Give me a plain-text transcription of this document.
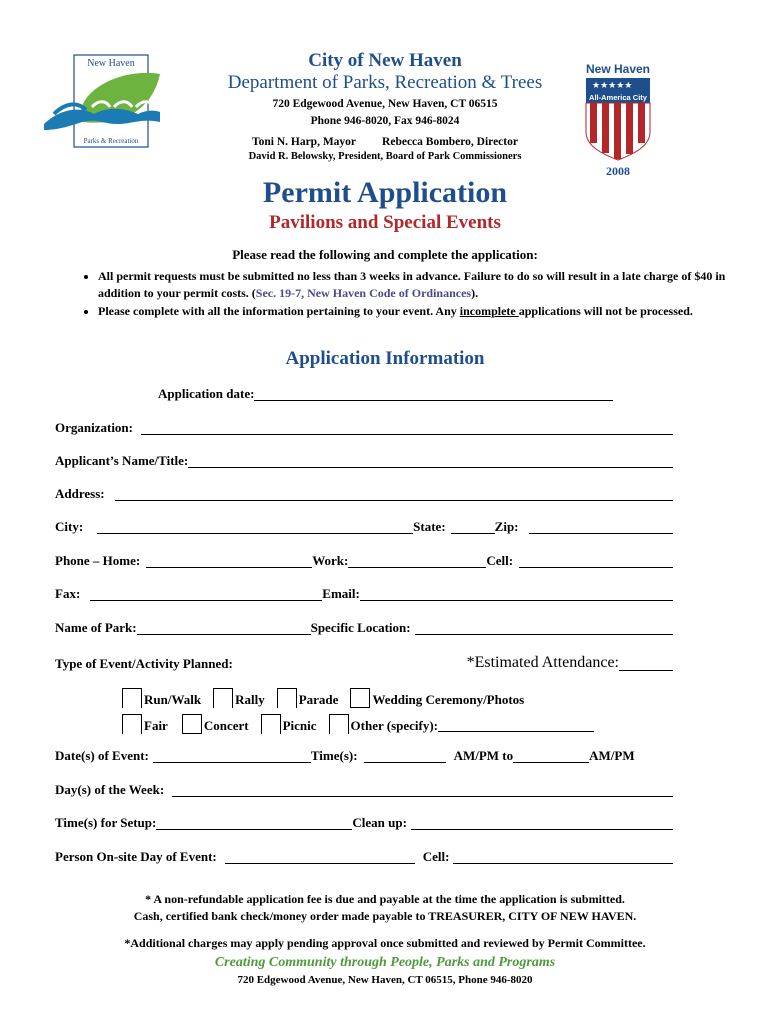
New Haven
Parks & Recreation
City of New Haven
Department of Parks, Recreation & Trees
720 Edgewood Avenue, New Haven, CT 06515
Phone 946-8020, Fax 946-8024
Toni N. Harp, Mayor Rebecca Bombero, Director
David R. Belowsky, President, Board of Park Commissioners
New Haven
★★★★★
All-America City
2008
Permit Application
Pavilions and Special Events
Please read the following and complete the application:
• All permit requests must be submitted no less than 3 weeks in advance. Failure to do so will result in a late charge of $40 in addition to your permit costs. (Sec. 19-7, New Haven Code of Ordinances).
• Please complete with all the information pertaining to your event. Any incomplete applications will not be processed.
Application Information
Application date:
Organization:
Applicant’s Name/Title:
Address:
City:	State:	Zip:
Phone – Home:	Work:	Cell:
Fax:	Email:
Name of Park:	Specific Location:
Type of Event/Activity Planned:	*Estimated Attendance:
Run/Walk	Rally	Parade	Wedding Ceremony/Photos
Fair	Concert	Picnic	Other (specify):
Date(s) of Event:	Time(s):	AM/PM to	AM/PM
Day(s) of the Week:
Time(s) for Setup:	Clean up:
Person On-site Day of Event:	Cell:
* A non-refundable application fee is due and payable at the time the application is submitted.
Cash, certified bank check/money order made payable to TREASURER, CITY OF NEW HAVEN.
*Additional charges may apply pending approval once submitted and reviewed by Permit Committee.
Creating Community through People, Parks and Programs
720 Edgewood Avenue, New Haven, CT 06515, Phone 946-8020
